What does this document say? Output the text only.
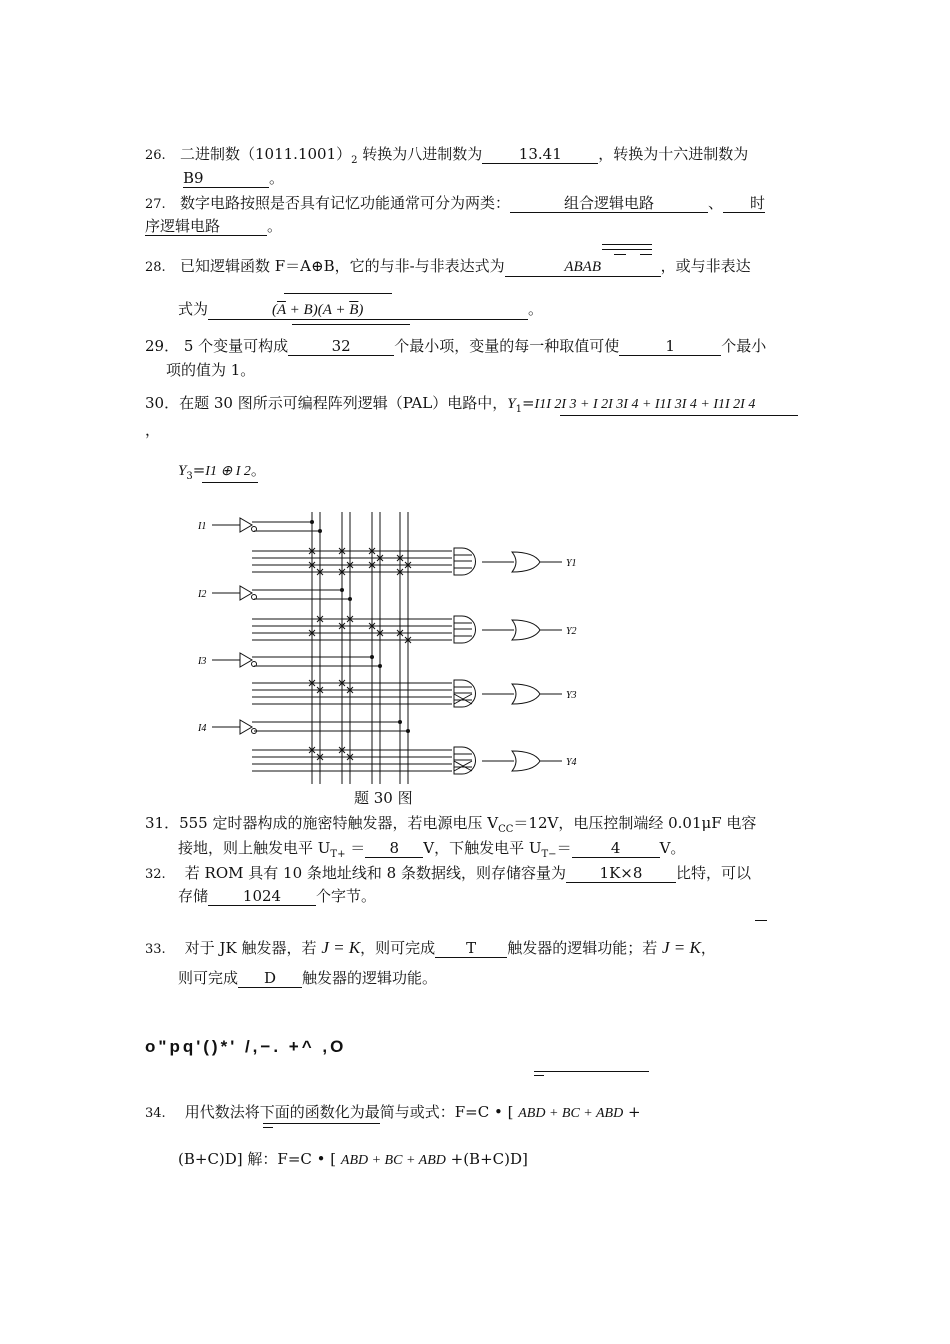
26. 二进制数$(1011.1001)_2$ 转换为八进制数为 13.41 ，转换为十六进制数为
B9	。
27. 数字电路按照是否具有记忆功能通常可分为两类：	组合逻辑电路	、 时
序逻辑电路	。
28. 已知逻辑函数 F＝A⊕B，它的与非-与非表达式为	ABAB	，或与非表达
式为	$(\overline{A} + B)(A + \overline{B})$	。
29． 5 个变量可构成	32	个最小项，变量的每一种取值可使	1	个最小
项的值为 1。
30．在题 30 图所示可编程阵列逻辑（PAL）电路中，$Y_1=I1I$ 2I 3 + I 2I 3I 4 + I1I 3I 4 + I1I 2I 4
，
$Y_3=I1$ ⊕ I 2。
I1
I2
I3
I4
Y1
Y2
Y3
Y4
题 30 图
31．555 定时器构成的施密特触发器，若电源电压 $V_{CC}=12V$，电压控制端经 0.01μF 电容
接地，则上触发电平 $U_{T+} = 8$ V，下触发电平 $U_{T-}=$	4	V。
32. 若 ROM 具有 10 条地址线和 8 条数据线，则存储容量为 1K×8 比特，可以
存储 1024 个字节。
33. 对于 JK 触发器，若 J = K，则可完成 T 触发器的逻辑功能；若 J = K，
则可完成 D 触发器的逻辑功能。
o"pq'()*' /,−. +^ ,O
34. 用代数法将下面的函数化为最简与或式：F=C • [ ABD + BC + ABD +
(B+C)D] 解：F=C • [ ABD + BC + ABD +(B+C)D]
